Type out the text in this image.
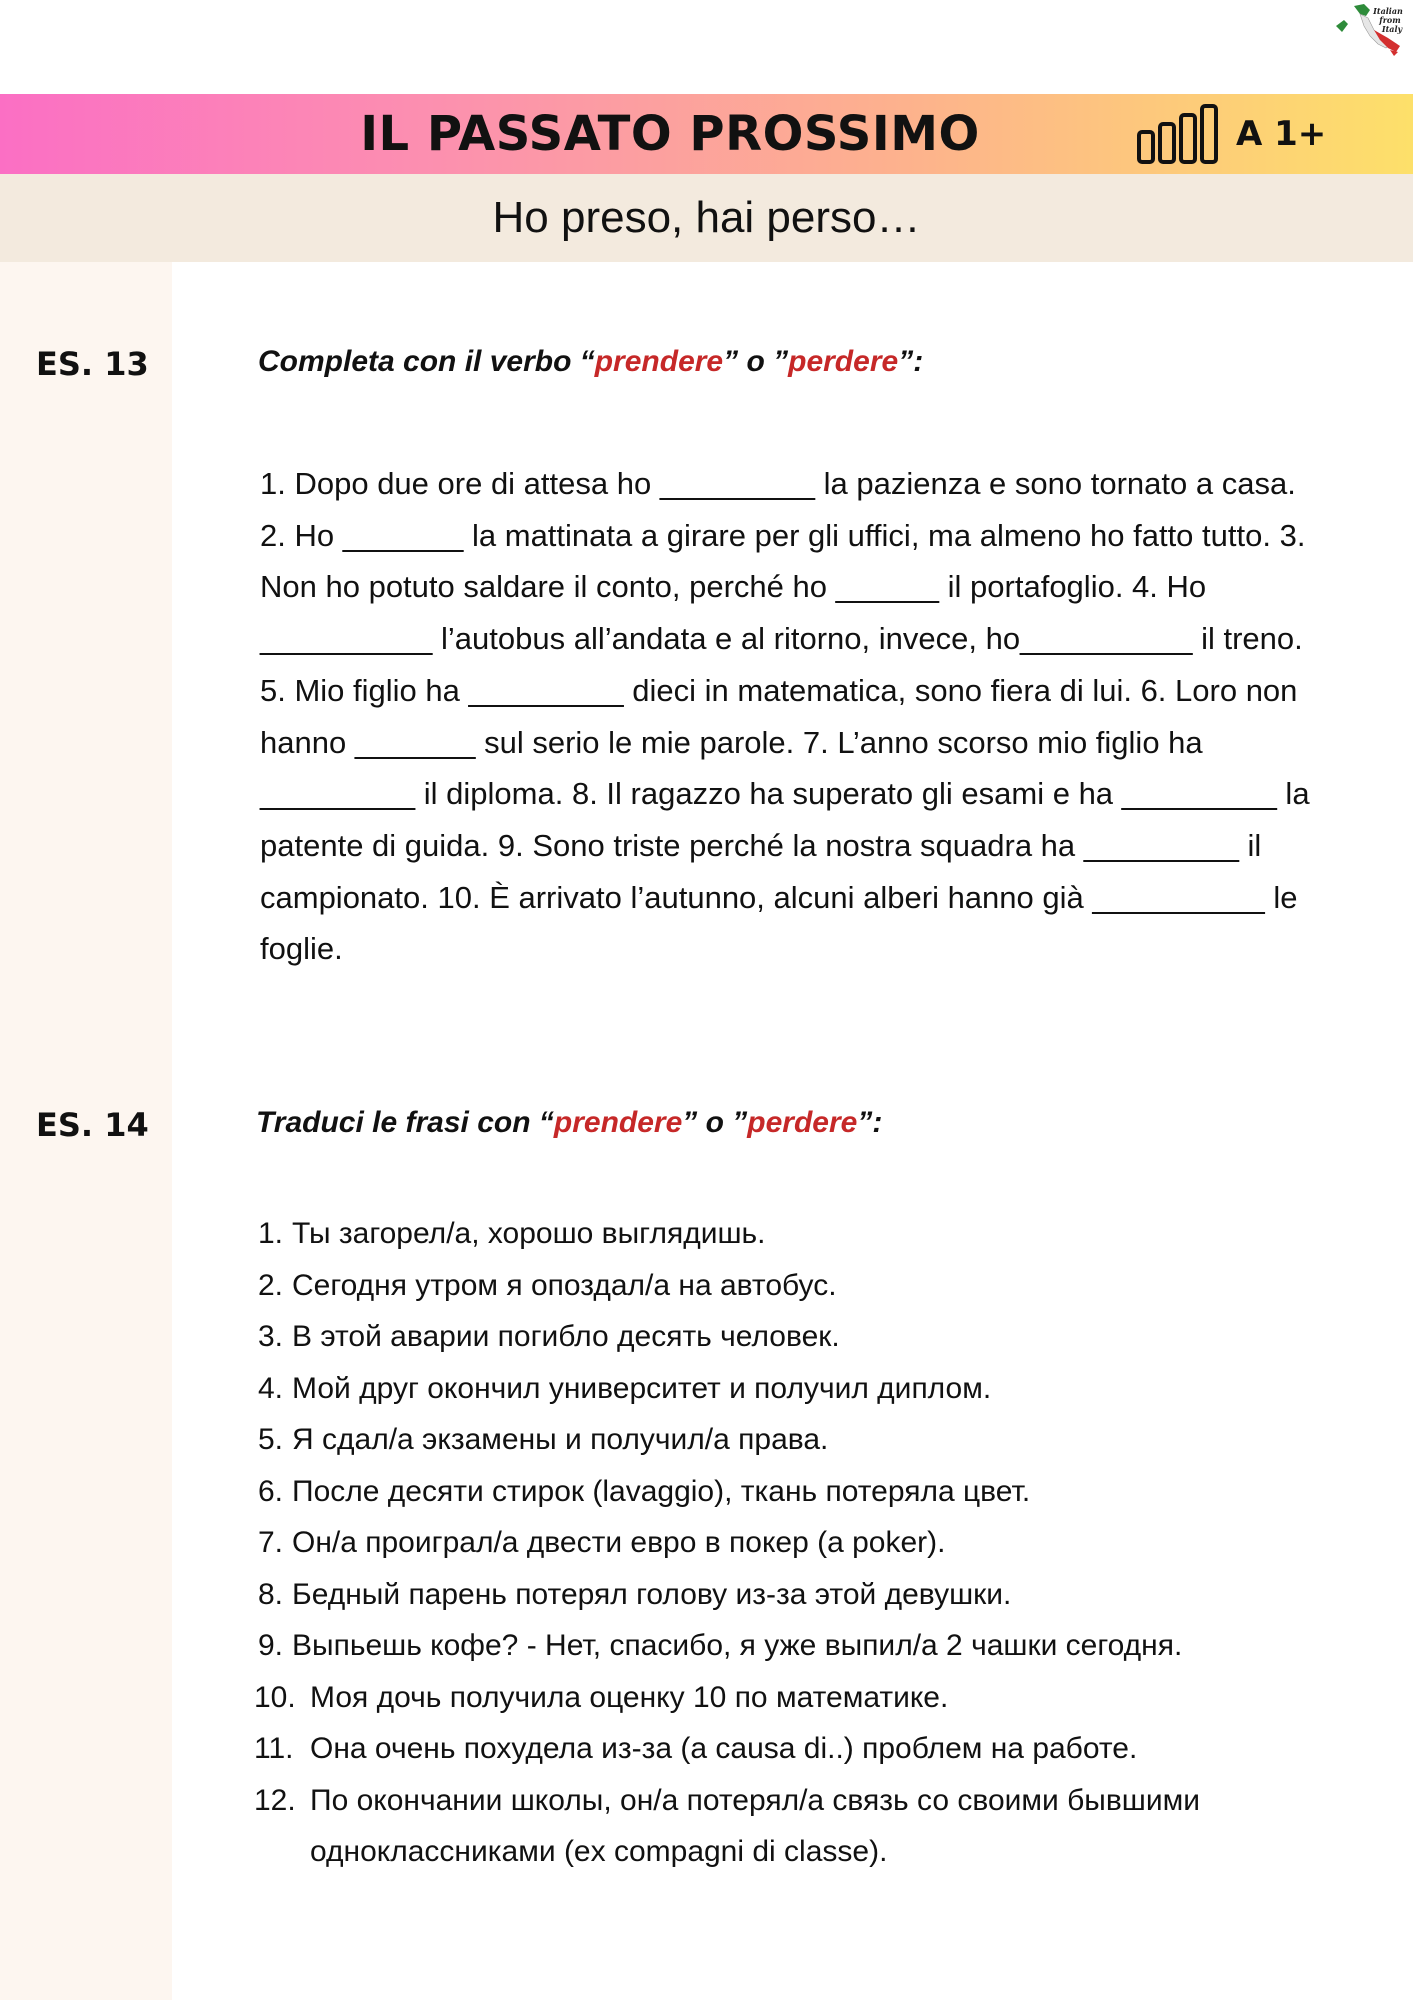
Italian
from
Italy
IL PASSATO PROSSIMO	A 1+
Ho preso, hai perso…
ES. 13	Completa con il verbo “prendere” o ”perdere”:

1. Dopo due ore di attesa ho _________ la pazienza e sono tornato a casa. 2. Ho _______ la mattinata a girare per gli uffici, ma almeno ho fatto tutto. 3. Non ho potuto saldare il conto, perché ho ______ il portafoglio. 4. Ho __________ l’autobus all’andata e al ritorno, invece, ho__________ il treno. 5. Mio figlio ha _________ dieci in matematica, sono fiera di lui. 6. Loro non hanno _______ sul serio le mie parole. 7. L’anno scorso mio figlio ha _________ il diploma. 8. Il ragazzo ha superato gli esami e ha _________ la patente di guida. 9. Sono triste perché la nostra squadra ha _________ il campionato. 10. È arrivato l’autunno, alcuni alberi hanno già __________ le foglie.

ES. 14	Traduci le frasi con “prendere” o ”perdere”:
1. Ты загорел/а, хорошо выглядишь.
2. Сегодня утром я опоздал/а на автобус.
3. В этой аварии погибло десять человек.
4. Мой друг окончил университет и получил диплом.
5. Я сдал/а экзамены и получил/а права.
6. После десяти стирок (lavaggio), ткань потеряла цвет.
7. Он/а проиграл/а двести евро в покер (a poker).
8. Бедный парень потерял голову из-за этой девушки.
9. Выпьешь кофе? - Нет, спасибо, я уже выпил/а 2 чашки сегодня.
10. Моя дочь получила оценку 10 по математике.
11. Она очень похудела из-за (a causa di..) проблем на работе.
12. По окончании школы, он/а потерял/а связь со своими бывшими одноклассниками (ex compagni di classe).
